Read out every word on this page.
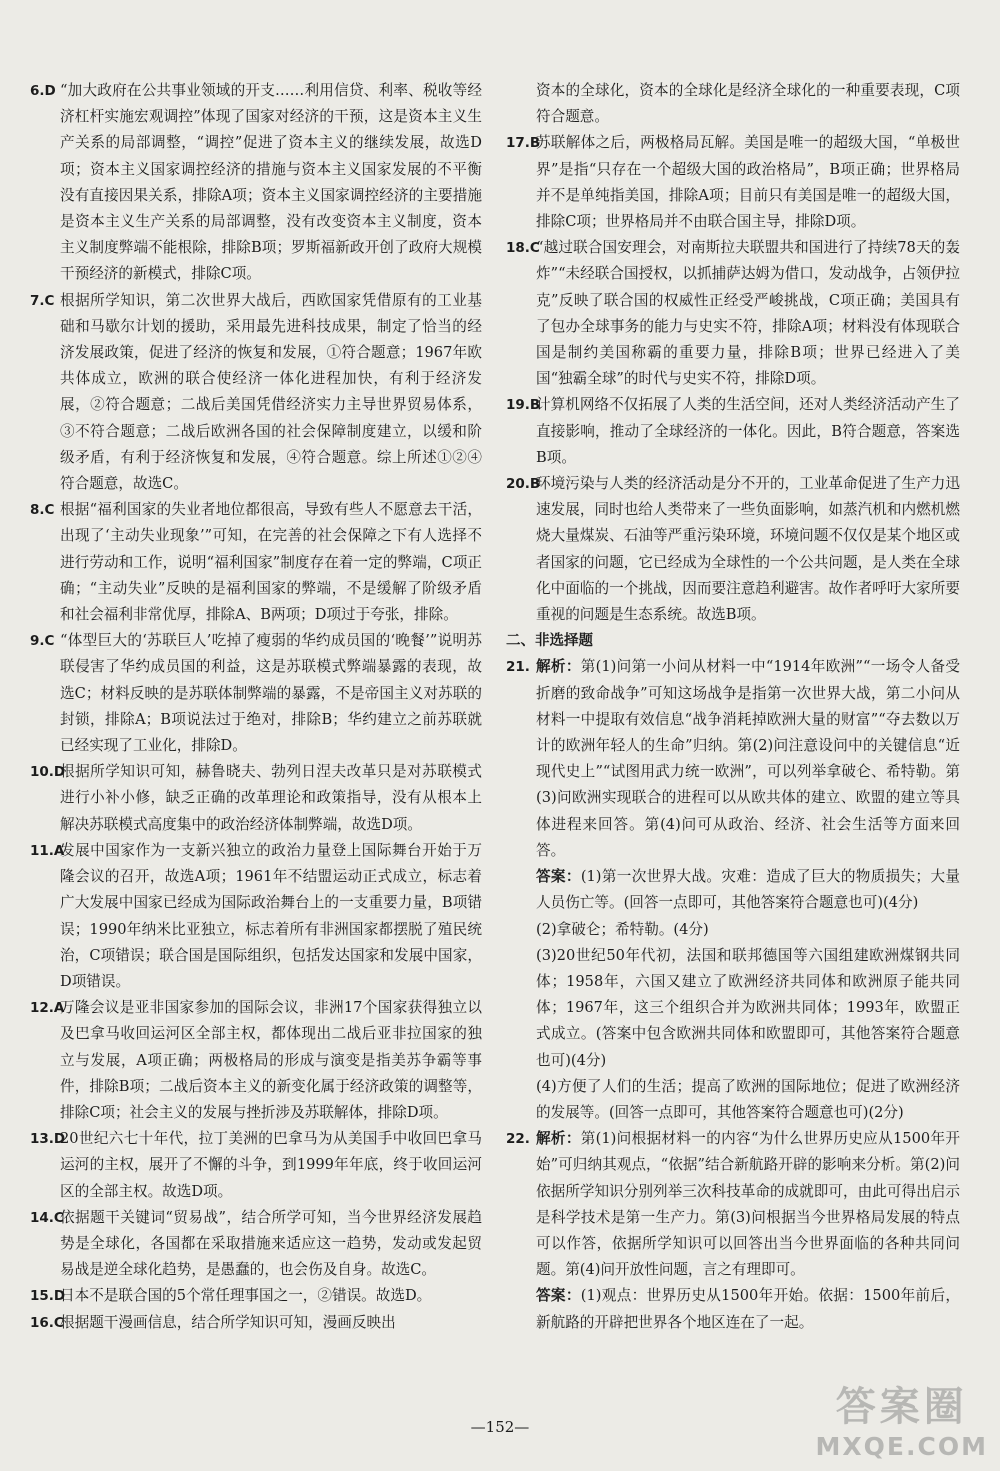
6.D “加大政府在公共事业领域的开支……利用信贷、利率、税收等经济杠杆实施宏观调控”体现了国家对经济的干预，这是资本主义生产关系的局部调整，“调控”促进了资本主义的继续发展，故选D项；资本主义国家调控经济的措施与资本主义国家发展的不平衡没有直接因果关系，排除A项；资本主义国家调控经济的主要措施是资本主义生产关系的局部调整，没有改变资本主义制度，资本主义制度弊端不能根除，排除B项；罗斯福新政开创了政府大规模干预经济的新模式，排除C项。

7.C 根据所学知识，第二次世界大战后，西欧国家凭借原有的工业基础和马歇尔计划的援助，采用最先进科技成果，制定了恰当的经济发展政策，促进了经济的恢复和发展，①符合题意；1967年欧共体成立，欧洲的联合使经济一体化进程加快，有利于经济发展，②符合题意；二战后美国凭借经济实力主导世界贸易体系，③不符合题意；二战后欧洲各国的社会保障制度建立，以缓和阶级矛盾，有利于经济恢复和发展，④符合题意。综上所述①②④符合题意，故选C。

8.C 根据“福利国家的失业者地位都很高，导致有些人不愿意去干活，出现了‘主动失业现象’”可知，在完善的社会保障之下有人选择不进行劳动和工作，说明“福利国家”制度存在着一定的弊端，C项正确；“主动失业”反映的是福利国家的弊端，不是缓解了阶级矛盾和社会福利非常优厚，排除A、B两项；D项过于夸张，排除。

9.C “体型巨大的‘苏联巨人’吃掉了瘦弱的华约成员国的‘晚餐’”说明苏联侵害了华约成员国的利益，这是苏联模式弊端暴露的表现，故选C；材料反映的是苏联体制弊端的暴露，不是帝国主义对苏联的封锁，排除A；B项说法过于绝对，排除B；华约建立之前苏联就已经实现了工业化，排除D。

10.D
根据所学知识可知，赫鲁晓夫、勃列日涅夫改革只是对苏联模式进行小补小修，缺乏正确的改革理论和政策指导，没有从根本上解决苏联模式高度集中的政治经济体制弊端，故选D项。

11.A
发展中国家作为一支新兴独立的政治力量登上国际舞台开始于万隆会议的召开，故选A项；1961年不结盟运动正式成立，标志着广大发展中国家已经成为国际政治舞台上的一支重要力量，B项错误；1990年纳米比亚独立，标志着所有非洲国家都摆脱了殖民统治，C项错误；联合国是国际组织，包括发达国家和发展中国家，D项错误。

12.A
万隆会议是亚非国家参加的国际会议，非洲17个国家获得独立以及巴拿马收回运河区全部主权，都体现出二战后亚非拉国家的独立与发展，A项正确；两极格局的形成与演变是指美苏争霸等事件，排除B项；二战后资本主义的新变化属于经济政策的调整等，排除C项；社会主义的发展与挫折涉及苏联解体，排除D项。

13.D
20世纪六七十年代，拉丁美洲的巴拿马为从美国手中收回巴拿马运河的主权，展开了不懈的斗争，到1999年年底，终于收回运河区的全部主权。故选D项。

14.C
依据题干关键词“贸易战”，结合所学可知，当今世界经济发展趋势是全球化，各国都在采取措施来适应这一趋势，发动或发起贸易战是逆全球化趋势，是愚蠢的，也会伤及自身。故选C。

15.D
日本不是联合国的5个常任理事国之一，②错误。故选D。

16.C
根据题干漫画信息，结合所学知识可知，漫画反映出

资本的全球化，资本的全球化是经济全球化的一种重要表现，C项符合题意。

17.B
苏联解体之后，两极格局瓦解。美国是唯一的超级大国，“单极世界”是指“只存在一个超级大国的政治格局”，B项正确；世界格局并不是单纯指美国，排除A项；目前只有美国是唯一的超级大国，排除C项；世界格局并不由联合国主导，排除D项。

18.C
“越过联合国安理会，对南斯拉夫联盟共和国进行了持续78天的轰炸”“未经联合国授权，以抓捕萨达姆为借口，发动战争，占领伊拉克”反映了联合国的权威性正经受严峻挑战，C项正确；美国具有了包办全球事务的能力与史实不符，排除A项；材料没有体现联合国是制约美国称霸的重要力量，排除B项；世界已经进入了美国“独霸全球”的时代与史实不符，排除D项。

19.B
计算机网络不仅拓展了人类的生活空间，还对人类经济活动产生了直接影响，推动了全球经济的一体化。因此，B符合题意，答案选B项。

20.B
环境污染与人类的经济活动是分不开的，工业革命促进了生产力迅速发展，同时也给人类带来了一些负面影响，如蒸汽机和内燃机燃烧大量煤炭、石油等严重污染环境，环境问题不仅仅是某个地区或者国家的问题，它已经成为全球性的一个公共问题，是人类在全球化中面临的一个挑战，因而要注意趋利避害。故作者呼吁大家所要重视的问题是生态系统。故选B项。

二、非选择题

21. 解析：第(1)问第一小问从材料一中“1914年欧洲”“一场令人备受折磨的致命战争”可知这场战争是指第一次世界大战，第二小问从材料一中提取有效信息“战争消耗掉欧洲大量的财富”“夺去数以万计的欧洲年轻人的生命”归纳。第(2)问注意设问中的关键信息“近现代史上”“试图用武力统一欧洲”，可以列举拿破仑、希特勒。第(3)问欧洲实现联合的进程可以从欧共体的建立、欧盟的建立等具体进程来回答。第(4)问可从政治、经济、社会生活等方面来回答。

答案：(1)第一次世界大战。灾难：造成了巨大的物质损失；大量人员伤亡等。(回答一点即可，其他答案符合题意也可)(4分)

(2)拿破仑；希特勒。(4分)

(3)20世纪50年代初，法国和联邦德国等六国组建欧洲煤钢共同体；1958年，六国又建立了欧洲经济共同体和欧洲原子能共同体；1967年，这三个组织合并为欧洲共同体；1993年，欧盟正式成立。(答案中包含欧洲共同体和欧盟即可，其他答案符合题意也可)(4分)

(4)方便了人们的生活；提高了欧洲的国际地位；促进了欧洲经济的发展等。(回答一点即可，其他答案符合题意也可)(2分)

22. 解析：第(1)问根据材料一的内容“为什么世界历史应从1500年开始”可归纳其观点，“依据”结合新航路开辟的影响来分析。第(2)问依据所学知识分别列举三次科技革命的成就即可，由此可得出启示是科学技术是第一生产力。第(3)问根据当今世界格局发展的特点可以作答，依据所学知识可以回答出当今世界面临的各种共同问题。第(4)问开放性问题，言之有理即可。

答案：(1)观点：世界历史从1500年开始。依据：1500年前后，新航路的开辟把世界各个地区连在了一起。

—152—	答案圈
MXQE.COM
